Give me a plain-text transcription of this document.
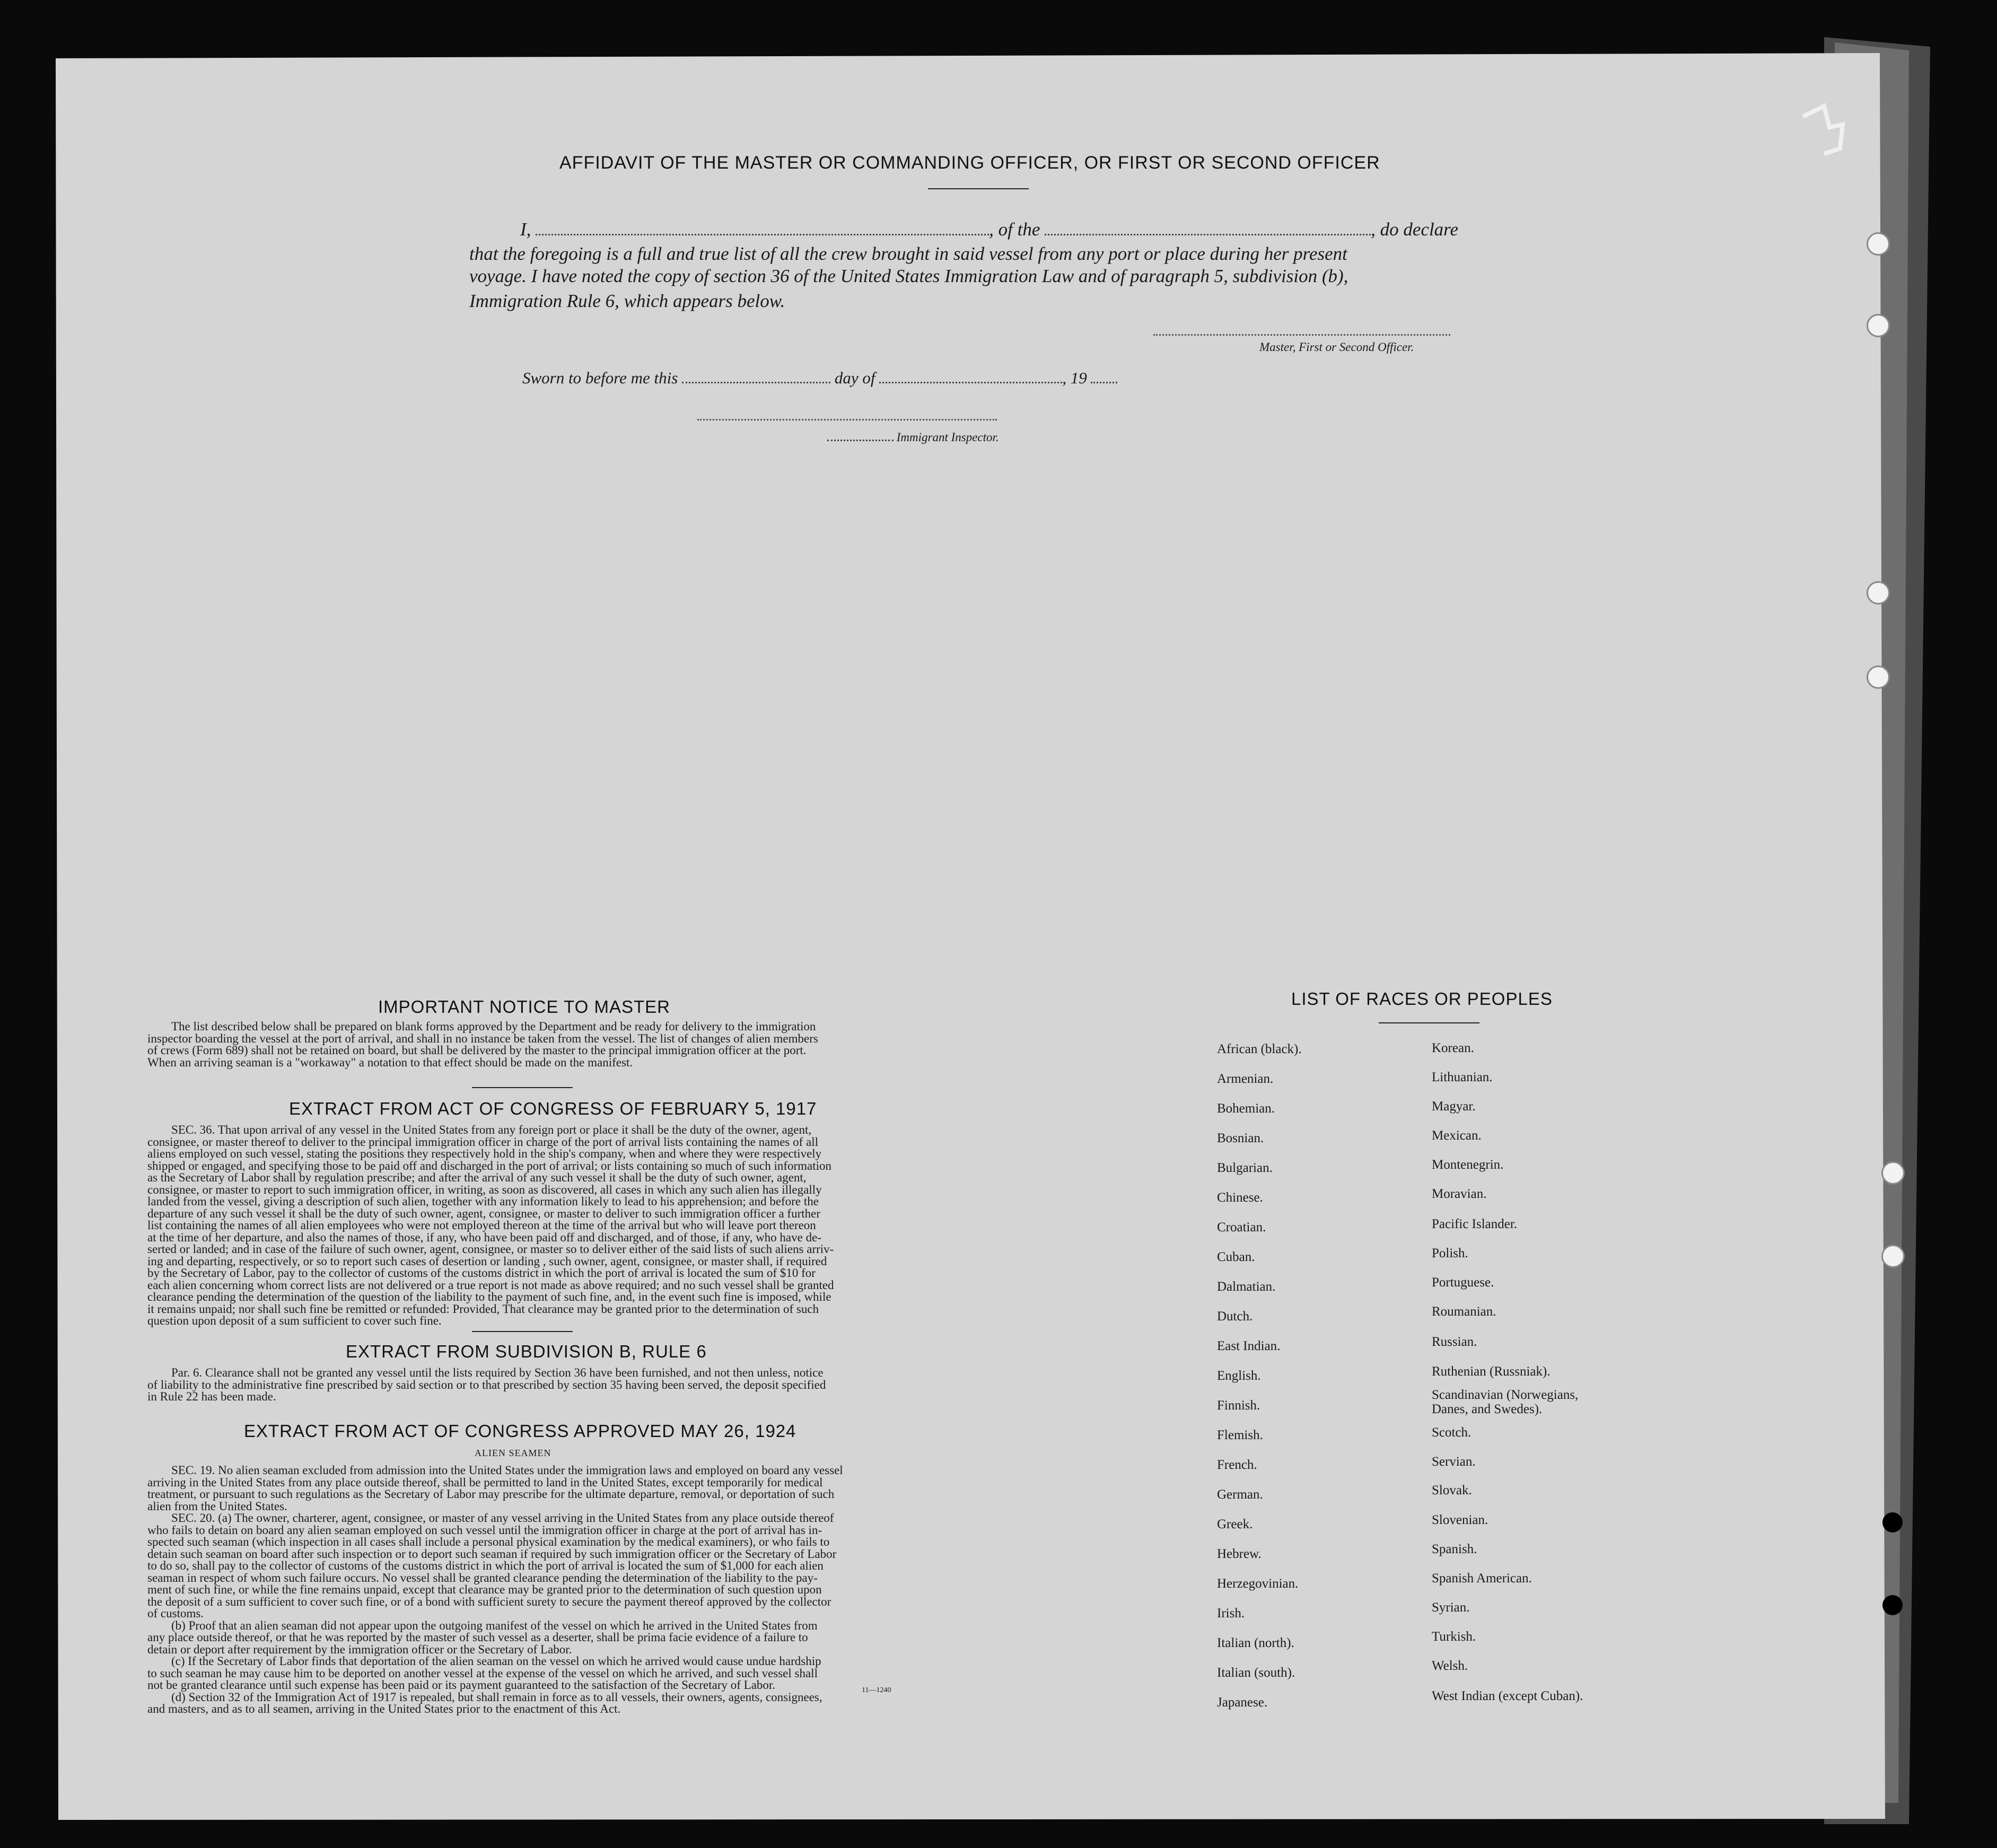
AFFIDAVIT OF THE MASTER OR COMMANDING OFFICER, OR FIRST OR SECOND OFFICER
I,	, of the	, do declare
that the foregoing is a full and true list of all the crew brought in said vessel from any port or place during her present
voyage. I have noted the copy of section 36 of the United States Immigration Law and of paragraph 5, subdivision (b),
Immigration Rule 6, which appears below.
Master, First or Second Officer.
Sworn to before me this	day of	, 19
Immigrant Inspector.
IMPORTANT NOTICE TO MASTER
The list described below shall be prepared on blank forms approved by the Department and be ready for delivery to the immigration
inspector boarding the vessel at the port of arrival, and shall in no instance be taken from the vessel. The list of changes of alien members
of crews (Form 689) shall not be retained on board, but shall be delivered by the master to the principal immigration officer at the port.
When an arriving seaman is a "workaway" a notation to that effect should be made on the manifest.
EXTRACT FROM ACT OF CONGRESS OF FEBRUARY 5, 1917
SEC. 36. That upon arrival of any vessel in the United States from any foreign port or place it shall be the duty of the owner, agent,
consignee, or master thereof to deliver to the principal immigration officer in charge of the port of arrival lists containing the names of all
aliens employed on such vessel, stating the positions they respectively hold in the ship's company, when and where they were respectively
shipped or engaged, and specifying those to be paid off and discharged in the port of arrival; or lists containing so much of such information
as the Secretary of Labor shall by regulation prescribe; and after the arrival of any such vessel it shall be the duty of such owner, agent,
consignee, or master to report to such immigration officer, in writing, as soon as discovered, all cases in which any such alien has illegally
landed from the vessel, giving a description of such alien, together with any information likely to lead to his apprehension; and before the
departure of any such vessel it shall be the duty of such owner, agent, consignee, or master to deliver to such immigration officer a further
list containing the names of all alien employees who were not employed thereon at the time of the arrival but who will leave port thereon
at the time of her departure, and also the names of those, if any, who have been paid off and discharged, and of those, if any, who have de-
serted or landed; and in case of the failure of such owner, agent, consignee, or master so to deliver either of the said lists of such aliens arriv-
ing and departing, respectively, or so to report such cases of desertion or landing , such owner, agent, consignee, or master shall, if required
by the Secretary of Labor, pay to the collector of customs of the customs district in which the port of arrival is located the sum of $10 for
each alien concerning whom correct lists are not delivered or a true report is not made as above required; and no such vessel shall be granted
clearance pending the determination of the question of the liability to the payment of such fine, and, in the event such fine is imposed, while
it remains unpaid; nor shall such fine be remitted or refunded: Provided, That clearance may be granted prior to the determination of such
question upon deposit of a sum sufficient to cover such fine.
EXTRACT FROM SUBDIVISION B, RULE 6
Par. 6. Clearance shall not be granted any vessel until the lists required by Section 36 have been furnished, and not then unless, notice
of liability to the administrative fine prescribed by said section or to that prescribed by section 35 having been served, the deposit specified
in Rule 22 has been made.
EXTRACT FROM ACT OF CONGRESS APPROVED MAY 26, 1924
ALIEN SEAMEN
SEC. 19. No alien seaman excluded from admission into the United States under the immigration laws and employed on board any vessel
arriving in the United States from any place outside thereof, shall be permitted to land in the United States, except temporarily for medical
treatment, or pursuant to such regulations as the Secretary of Labor may prescribe for the ultimate departure, removal, or deportation of such
alien from the United States.
SEC. 20. (a) The owner, charterer, agent, consignee, or master of any vessel arriving in the United States from any place outside thereof
who fails to detain on board any alien seaman employed on such vessel until the immigration officer in charge at the port of arrival has in-
spected such seaman (which inspection in all cases shall include a personal physical examination by the medical examiners), or who fails to
detain such seaman on board after such inspection or to deport such seaman if required by such immigration officer or the Secretary of Labor
to do so, shall pay to the collector of customs of the customs district in which the port of arrival is located the sum of $1,000 for each alien
seaman in respect of whom such failure occurs. No vessel shall be granted clearance pending the determination of the liability to the pay-
ment of such fine, or while the fine remains unpaid, except that clearance may be granted prior to the determination of such question upon
the deposit of a sum sufficient to cover such fine, or of a bond with sufficient surety to secure the payment thereof approved by the collector
of customs.
(b) Proof that an alien seaman did not appear upon the outgoing manifest of the vessel on which he arrived in the United States from
any place outside thereof, or that he was reported by the master of such vessel as a deserter, shall be prima facie evidence of a failure to
detain or deport after requirement by the immigration officer or the Secretary of Labor.
(c) If the Secretary of Labor finds that deportation of the alien seaman on the vessel on which he arrived would cause undue hardship
to such seaman he may cause him to be deported on another vessel at the expense of the vessel on which he arrived, and such vessel shall
not be granted clearance until such expense has been paid or its payment guaranteed to the satisfaction of the Secretary of Labor.
(d) Section 32 of the Immigration Act of 1917 is repealed, but shall remain in force as to all vessels, their owners, agents, consignees,
and masters, and as to all seamen, arriving in the United States prior to the enactment of this Act.
11—1240
LIST OF RACES OR PEOPLES
African (black).
Armenian.
Bohemian.
Bosnian.
Bulgarian.
Chinese.
Croatian.
Cuban.
Dalmatian.
Dutch.
East Indian.
English.
Finnish.
Flemish.
French.
German.
Greek.
Hebrew.
Herzegovinian.
Irish.
Italian (north).
Italian (south).
Japanese.
Korean.
Lithuanian.
Magyar.
Mexican.
Montenegrin.
Moravian.
Pacific Islander.
Polish.
Portuguese.
Roumanian.
Russian.
Ruthenian (Russniak).
Scandinavian (Norwegians,
Danes, and Swedes).
Scotch.
Servian.
Slovak.
Slovenian.
Spanish.
Spanish American.
Syrian.
Turkish.
Welsh.
West Indian (except Cuban).
